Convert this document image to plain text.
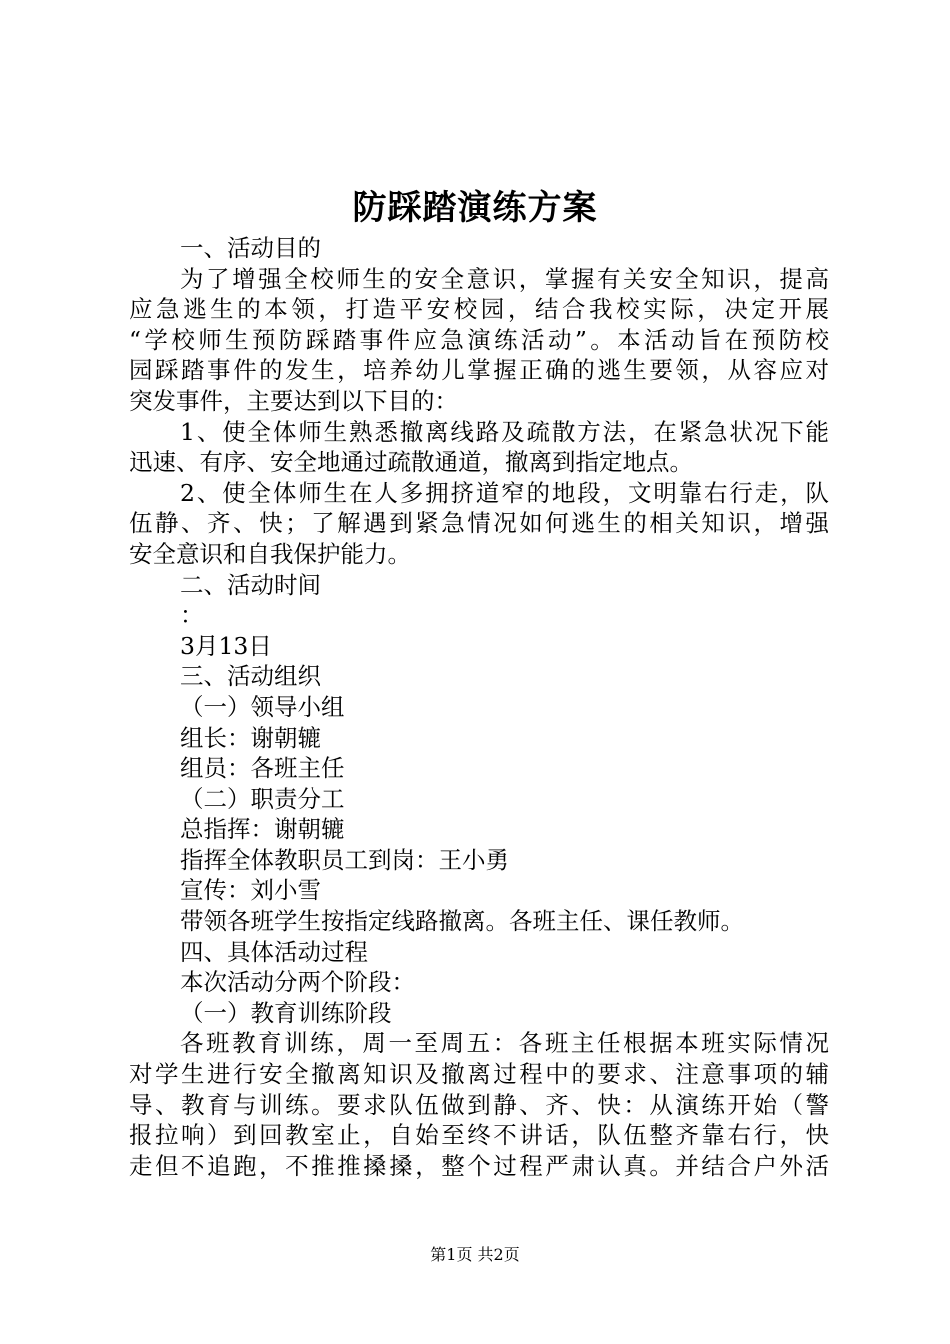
防踩踏演练方案

一、活动目的

为了增强全校师生的安全意识，掌握有关安全知识，提高

应急逃生的本领，打造平安校园，结合我校实际，决定开展

“学校师生预防踩踏事件应急演练活动”。本活动旨在预防校

园踩踏事件的发生，培养幼儿掌握正确的逃生要领，从容应对

突发事件，主要达到以下目的：

1、使全体师生熟悉撤离线路及疏散方法，在紧急状况下能

迅速、有序、安全地通过疏散通道，撤离到指定地点。

2、使全体师生在人多拥挤道窄的地段，文明靠右行走，队

伍静、齐、快；了解遇到紧急情况如何逃生的相关知识，增强

安全意识和自我保护能力。

二、活动时间

：

3月13日

三、活动组织

（一）领导小组

组长：谢朝辘

组员：各班主任

（二）职责分工

总指挥：谢朝辘

指挥全体教职员工到岗：王小勇

宣传：刘小雪

带领各班学生按指定线路撤离。各班主任、课任教师。

四、具体活动过程

本次活动分两个阶段：

（一）教育训练阶段

各班教育训练，周一至周五：各班主任根据本班实际情况

对学生进行安全撤离知识及撤离过程中的要求、注意事项的辅

导、教育与训练。要求队伍做到静、齐、快：从演练开始（警

报拉响）到回教室止，自始至终不讲话，队伍整齐靠右行，快

走但不追跑，不推推搡搡，整个过程严肃认真。并结合户外活

第1页 共2页
